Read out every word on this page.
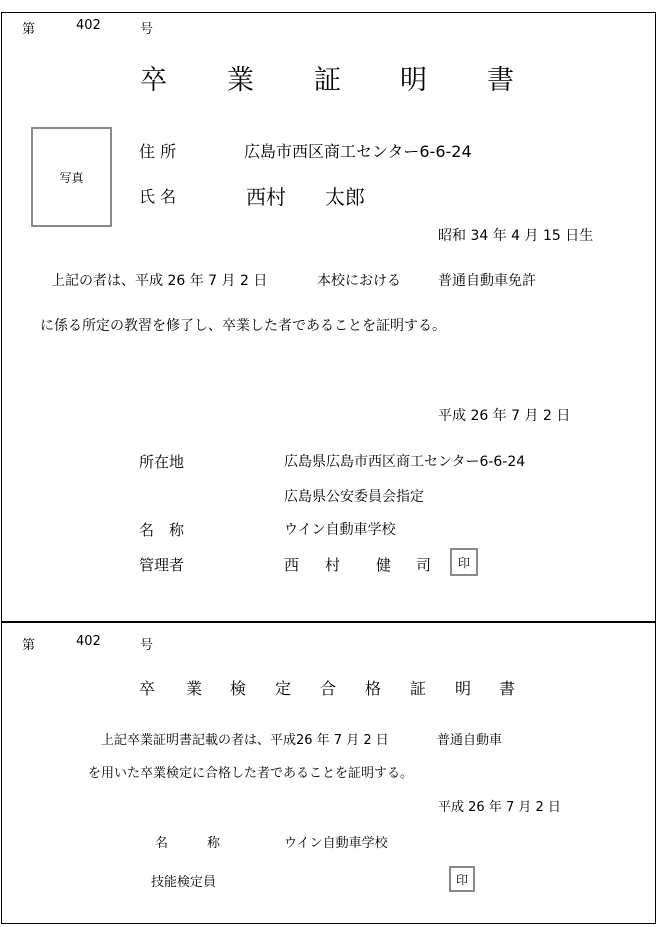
第	402	号
卒 業 証 明 書
写真
住 所	広島市西区商工センター6-6-24
氏 名	西村 太郎
昭和 34 年 4 月 15 日生
上記の者は、平成 26 年 7 月 2 日	本校における	普通自動車免許
に係る所定の教習を修了し、卒業した者であることを証明する。
平成 26 年 7 月 2 日
所在地	広島県広島市西区商工センター6-6-24
広島県公安委員会指定
名　称	ウイン自動車学校
管理者	西 村 健 司 印
第	402	号
卒 業 検 定 合 格 証 明 書
上記卒業証明書記載の者は、平成26 年 7 月 2 日	普通自動車
を用いた卒業検定に合格した者であることを証明する。
平成 26 年 7 月 2 日
名	称	ウイン自動車学校
技能検定員	印
